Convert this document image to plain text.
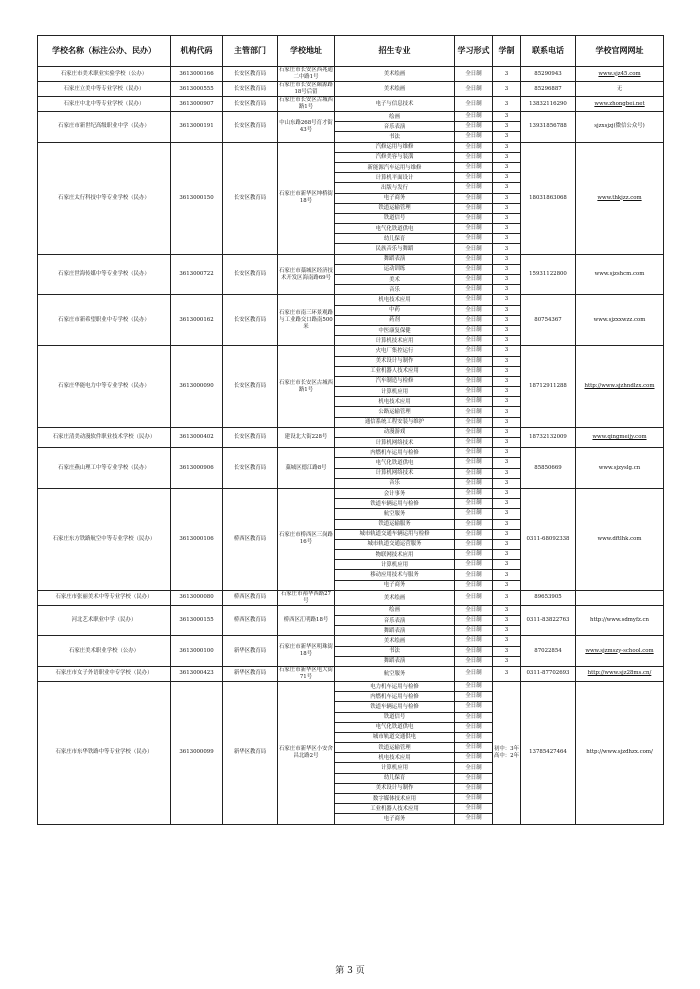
学校名称（标注公办、民办）	机构代码	主管部门	学校地址	招生专业	学习形式	学制	联系电话	学校官网网址
石家庄市美术职业实验学校（公办）	3613000166	长安区教育局	石家庄市长安区西兆通二中路1号	美术绘画	全日制	3	85290943	www.sjz45.com
石家庄立美中等专业学校（民办）	3613000555	长安区教育局	石家庄市长安区颐源路18号后留	美术绘画	全日制	3	85296887	无
石家庄中北中等专业学校（民办）	3613000907	长安区教育局	石家庄市长安区古城西路1号	电子与信息技术	全日制	3	13832116290	www.zhongbei.net
石家庄市新世纪高级职业中学（民办）	3613000191	长安区教育局	中山东路268号育才街43号	绘画	全日制	3	13931856788	sjzxsjzj(微信公众号)
				音乐表演	全日制	3		
				书法	全日制	3		
石家庄太行科技中等专业学校（民办）	3613000150	长安区教育局	石家庄市新华区坤桥街18号	汽修运用与维修	全日制	3	18031863068	www.thkjzz.com
				汽修美容与装潢	全日制	3		
				新能源汽车运用与维修	全日制	3		
				计算机平面设计	全日制	3		
				出版与发行	全日制	3		
				电子商务	全日制	3		
				铁道运输管理	全日制	3		
				铁道信号	全日制	3		
				电气化铁道供电	全日制	3		
				幼儿保育	全日制	3		
				民族音乐与舞蹈	全日制	3		
石家庄世海传媒中等专业学校（民办）	3613000722	长安区教育局	石家庄市藁城区经济技术开发区海南路69号	舞蹈表演	全日制	3	15931122800	www.sjzshcm.com
				运动训练	全日制	3		
				美术	全日制	3		
				音乐	全日制	3		
石家庄市新希望职业中专学校（民办）	3613000162	长安区教育局	石家庄市南三环景观路与工业路交口路南500米	机电技术应用	全日制	3	80754367	www.sjzxxwzz.com
				中药	全日制	3		
				药剂	全日制	3		
				中医康复保健	全日制	3		
				计算机技术应用	全日制	3		
石家庄华能电力中等专业学校（民办）	3613000090	长安区教育局	石家庄市长安区古城西路1号	火电厂集控运行	全日制	3	18712911288	http://www.sjzhndlzx.com
				美术设计与制作	全日制	3		
				工业机器人技术应用	全日制	3		
				汽车制造与检修	全日制	3		
				计算机应用	全日制	3		
				机电技术应用	全日制	3		
				公路运输管理	全日制	3		
				通信系统工程安装与维护	全日制	3		
石家庄清美动漫软件职业技术学校（民办）	3613000402	长安区教育局	建设北大街228号	动漫游戏	全日制	3	18732132009	www.qingmeijy.com
				计算机网络技术	全日制	3		
石家庄燕山理工中等专业学校（民办）	3613000906	长安区教育局	藁城区德江路8号	内燃机车运用与检修	全日制	3	85850669	www.sjzyslg.cn
				电气化铁道供电	全日制	3		
				计算机网络技术	全日制	3		
				音乐	全日制	3		
石家庄东方铁路航空中等专业学校（民办）	3613000106	桥西区教育局	石家庄市桥西区三岗路16号	会计事务	全日制	3	0311-68092338	www.dftlhk.com
				铁道车辆运用与检修	全日制	3		
				航空服务	全日制	3		
				铁道运输服务	全日制	3		
				城市轨道交通车辆运用与检修	全日制	3		
				城市轨道交通运营服务	全日制	3		
				物联网技术应用	全日制	3		
				计算机应用	全日制	3		
				移动应用技术与服务	全日制	3		
				电子商务	全日制	3		
石家庄市张丽美术中等专业学校（民办）	3613000080	桥西区教育局	石家庄市裕华西路27号	美术绘画	全日制	3	89653905	
河北艺术职业中学（民办）	3613000155	桥西区教育局	桥西区汇明路18号	绘画	全日制	3	0311-83822763	http://www.sdmyfz.cn
				音乐表演	全日制	3		
				舞蹈表演	全日制	3		
石家庄美术职业学校（公办）	3613000100	新华区教育局	石家庄市新华区明珠街18号	美术绘画	全日制	3	87022854	www.sjzmszy-school.com
				书法	全日制	3		
				舞蹈表演	全日制	3		
石家庄市女子外语职业中专学校（民办）	3613000423	新华区教育局	石家庄市新华区电大街71号	航空服务	全日制	3	0311-87702693	http://www.sjz28ms.cn/
石家庄市东华铁路中等专业学校（民办）	3613000099	新华区教育局	石家庄市新华区小安舍昌北路2号	电力机车运用与检修	全日制	初中：3年 高中：2年	13785427464	http://www.sjzdhzx.com/
				内燃机车运用与检修	全日制			
				铁道车辆运用与检修	全日制			
				铁道信号	全日制			
				电气化铁道供电	全日制			
				城市轨道交通供电	全日制			
				铁道运输管理	全日制			
				机电技术应用	全日制			
				计算机应用	全日制			
				幼儿保育	全日制			
				美术设计与制作	全日制			
				数字媒体技术应用	全日制			
				工业机器人技术应用	全日制			
				电子商务	全日制			
第 3 页
